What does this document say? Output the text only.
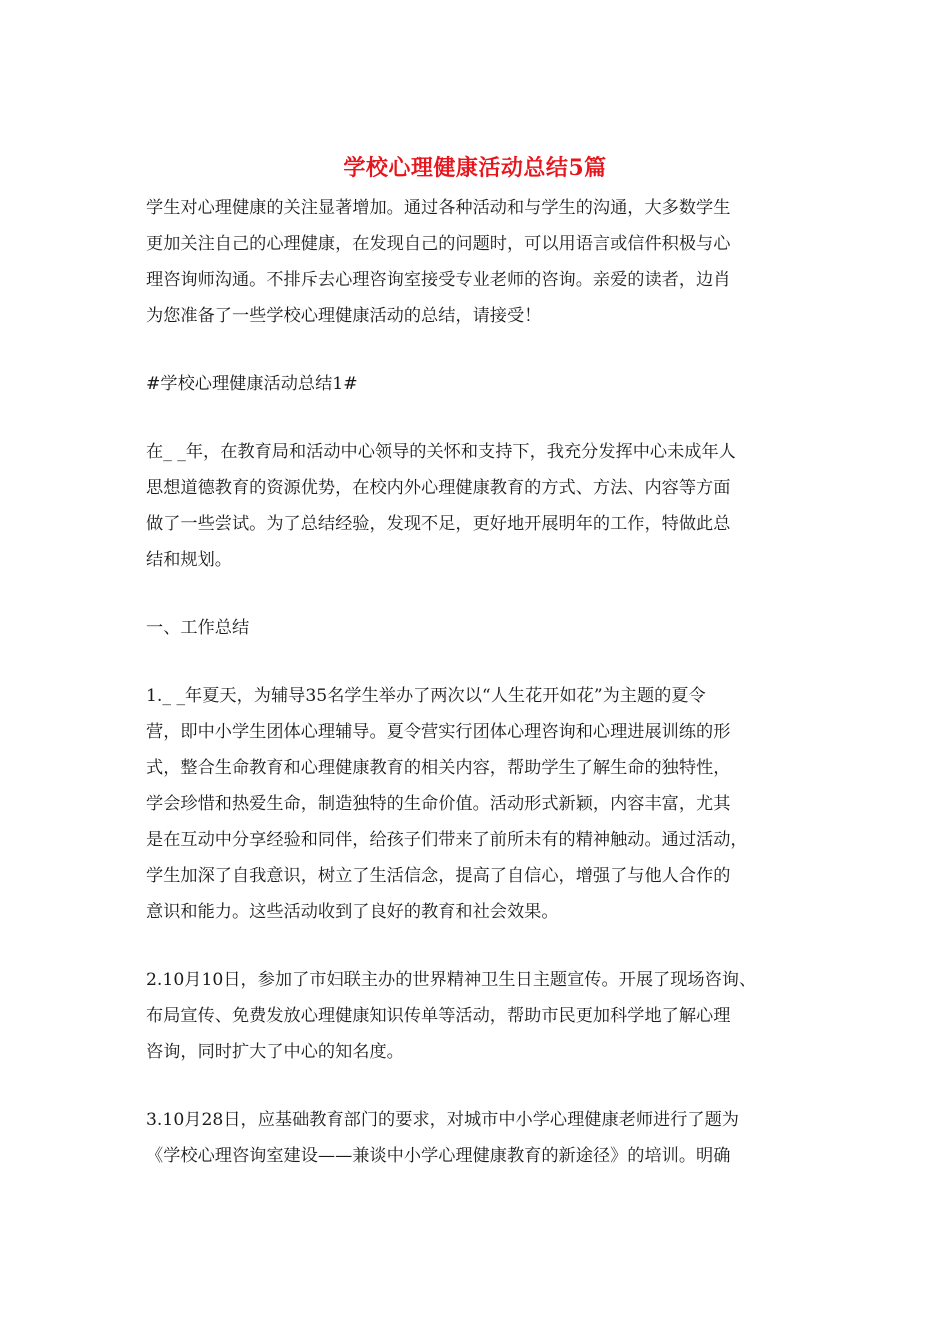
学校心理健康活动总结5篇
学生对心理健康的关注显著增加。通过各种活动和与学生的沟通，大多数学生
更加关注自己的心理健康，在发现自己的问题时，可以用语言或信件积极与心
理咨询师沟通。不排斥去心理咨询室接受专业老师的咨询。亲爱的读者，边肖
为您准备了一些学校心理健康活动的总结，请接受！
#学校心理健康活动总结1#
在_ _年，在教育局和活动中心领导的关怀和支持下，我充分发挥中心未成年人
思想道德教育的资源优势，在校内外心理健康教育的方式、方法、内容等方面
做了一些尝试。为了总结经验，发现不足，更好地开展明年的工作，特做此总
结和规划。
一、工作总结
1._ _年夏天，为辅导35名学生举办了两次以“人生花开如花”为主题的夏令
营，即中小学生团体心理辅导。夏令营实行团体心理咨询和心理进展训练的形
式，整合生命教育和心理健康教育的相关内容，帮助学生了解生命的独特性，
学会珍惜和热爱生命，制造独特的生命价值。活动形式新颖，内容丰富，尤其
是在互动中分享经验和同伴，给孩子们带来了前所未有的精神触动。通过活动，
学生加深了自我意识，树立了生活信念，提高了自信心，增强了与他人合作的
意识和能力。这些活动收到了良好的教育和社会效果。
2.10月10日，参加了市妇联主办的世界精神卫生日主题宣传。开展了现场咨询、
布局宣传、免费发放心理健康知识传单等活动，帮助市民更加科学地了解心理
咨询，同时扩大了中心的知名度。
3.10月28日，应基础教育部门的要求，对城市中小学心理健康老师进行了题为
《学校心理咨询室建设——兼谈中小学心理健康教育的新途径》的培训。明确
